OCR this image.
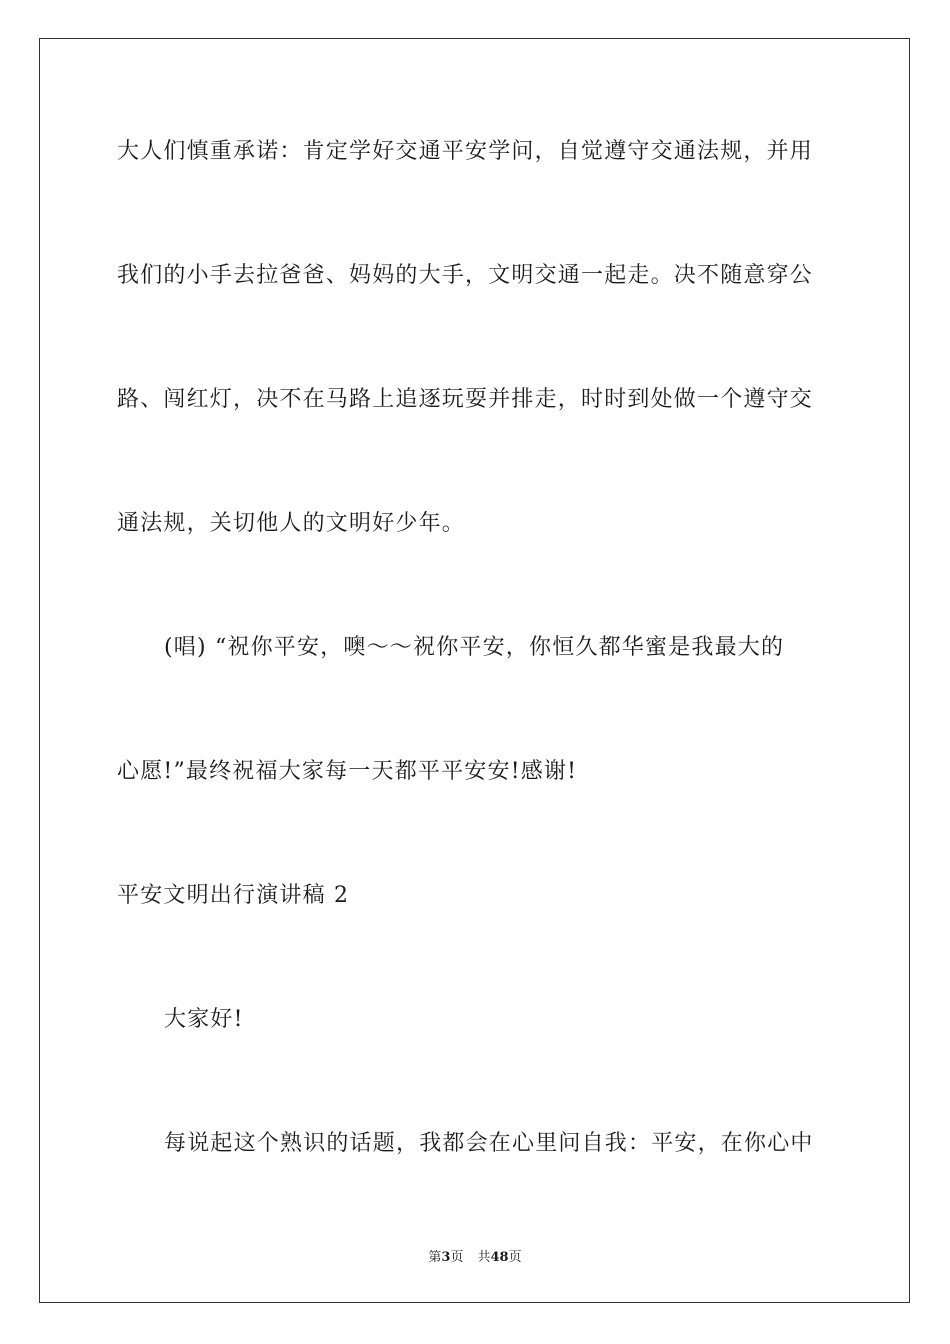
大人们慎重承诺：肯定学好交通平安学问，自觉遵守交通法规，并用
我们的小手去拉爸爸、妈妈的大手，文明交通一起走。决不随意穿公
路、闯红灯，决不在马路上追逐玩耍并排走，时时到处做一个遵守交
通法规，关切他人的文明好少年。
(唱) “祝你平安，噢～～祝你平安，你恒久都华蜜是我最大的
心愿!”最终祝福大家每一天都平平安安!感谢!
平安文明出行演讲稿 2
大家好!
每说起这个熟识的话题，我都会在心里问自我：平安，在你心中
第3页 共48页
